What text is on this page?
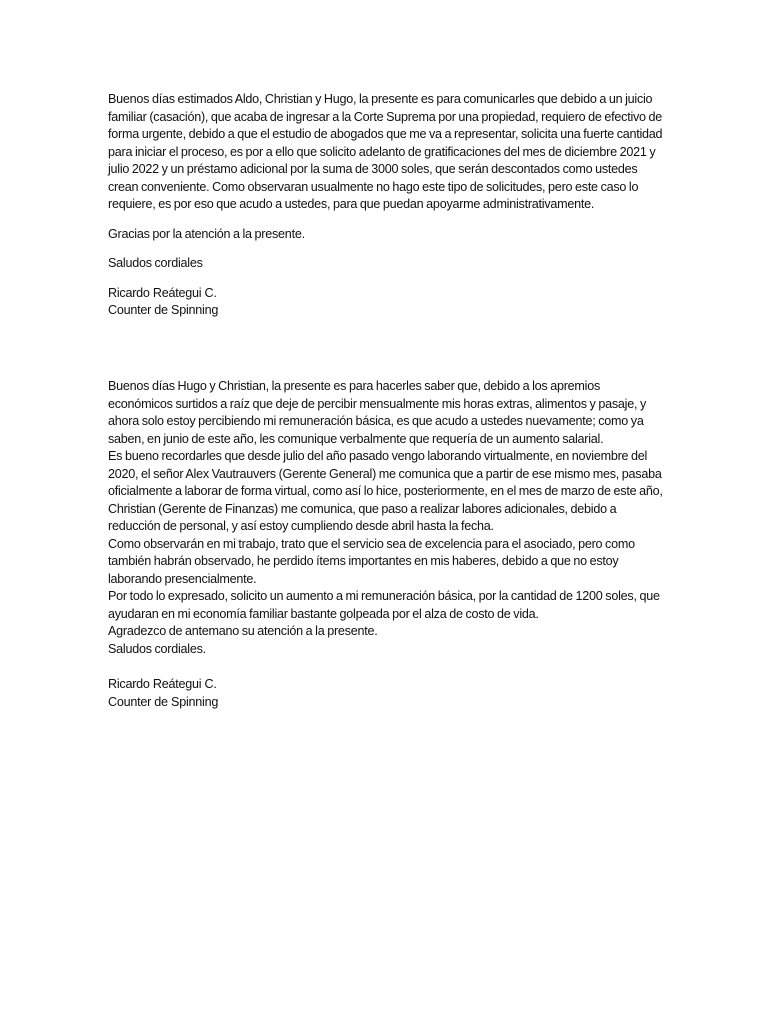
Buenos días estimados Aldo, Christian y Hugo, la presente es para comunicarles que debido a un juicio familiar (casación), que acaba de ingresar a la Corte Suprema por una propiedad, requiero de efectivo de forma urgente, debido a que el estudio de abogados que me va a representar, solicita una fuerte cantidad para iniciar el proceso, es por a ello que solicito adelanto de gratificaciones del mes de diciembre 2021 y julio 2022 y un préstamo adicional por la suma de 3000 soles, que serán descontados como ustedes crean conveniente. Como observaran usualmente no hago este tipo de solicitudes, pero este caso lo requiere, es por eso que acudo a ustedes, para que puedan apoyarme administrativamente.

Gracias por la atención a la presente.

Saludos cordiales

Ricardo Reátegui C.
Counter de Spinning

Buenos días Hugo y Christian, la presente es para hacerles saber que, debido a los apremios económicos surtidos a raíz que deje de percibir mensualmente mis horas extras, alimentos y pasaje, y ahora solo estoy percibiendo mi remuneración básica, es que acudo a ustedes nuevamente; como ya saben, en junio de este año, les comunique verbalmente que requería de un aumento salarial.

Es bueno recordarles que desde julio del año pasado vengo laborando virtualmente, en noviembre del 2020, el señor Alex Vautrauvers (Gerente General) me comunica que a partir de ese mismo mes, pasaba oficialmente a laborar de forma virtual, como así lo hice, posteriormente, en el mes de marzo de este año, Christian (Gerente de Finanzas) me comunica, que paso a realizar labores adicionales, debido a reducción de personal, y así estoy cumpliendo desde abril hasta la fecha.

Como observarán en mi trabajo, trato que el servicio sea de excelencia para el asociado, pero como también habrán observado, he perdido ítems importantes en mis haberes, debido a que no estoy laborando presencialmente.

Por todo lo expresado, solicito un aumento a mi remuneración básica, por la cantidad de 1200 soles, que ayudaran en mi economía familiar bastante golpeada por el alza de costo de vida.

Agradezco de antemano su atención a la presente.

Saludos cordiales.

Ricardo Reátegui C.
Counter de Spinning
